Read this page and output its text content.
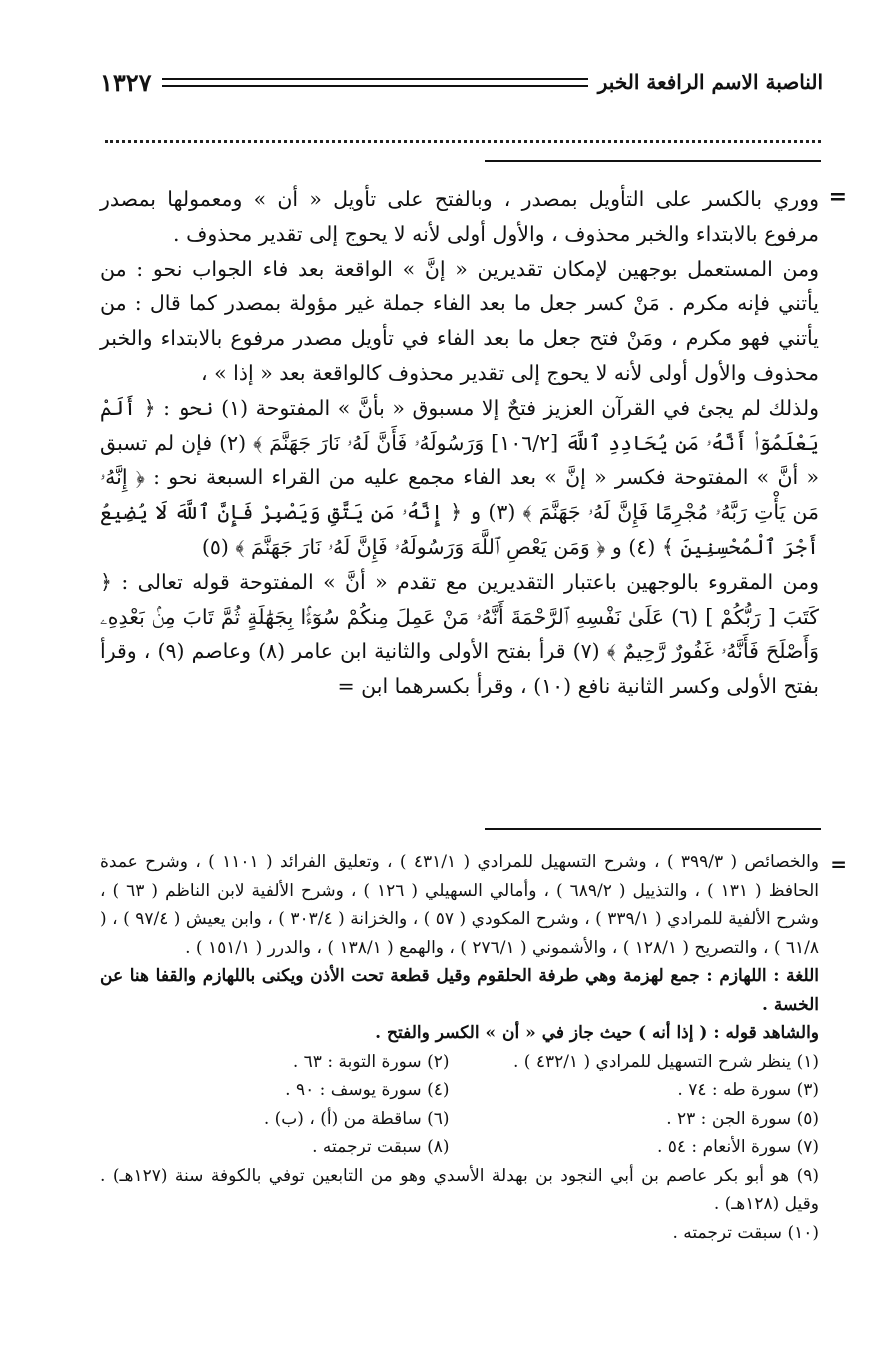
الناصبة الاسم الرافعة الخبر
١٣٢٧
=

ووري بالكسر على التأويل بمصدر ، وبالفتح على تأويل « أن » ومعمولها بمصدر مرفوع بالابتداء والخبر محذوف ، والأول أولى لأنه لا يحوج إلى تقدير محذوف .

ومن المستعمل بوجهين لإمكان تقديرين « إنَّ » الواقعة بعد فاء الجواب نحو : من يأتني فإنه مكرم . مَنْ كسر جعل ما بعد الفاء جملة غير مؤولة بمصدر كما قال : من يأتني فهو مكرم ، ومَنْ فتح جعل ما بعد الفاء في تأويل مصدر مرفوع بالابتداء والخبر محذوف والأول أولى لأنه لا يحوج إلى تقدير محذوف كالواقعة بعد « إذا » ،

ولذلك لم يجئ في القرآن العزيز فتحٌ إلا مسبوق « بأنَّ » المفتوحة (١) نحو : ﴿ أَلَمْ يَعْلَمُوٓا۟ أَنَّهُۥ مَن يُحَادِدِ ٱللَّهَ [١٠٦/٢] وَرَسُولَهُۥ فَأَنَّ لَهُۥ نَارَ جَهَنَّمَ ﴾ (٢) فإن لم تسبق « أنَّ » المفتوحة فكسر « إنَّ » بعد الفاء مجمع عليه من القراء السبعة نحو : ﴿ إِنَّهُۥ مَن يَأْتِ رَبَّهُۥ مُجْرِمًا فَإِنَّ لَهُۥ جَهَنَّمَ ﴾ (٣) و ﴿ إِنَّهُۥ مَن يَتَّقِ وَيَصْبِرْ فَإِنَّ ٱللَّهَ لَا يُضِيعُ أَجْرَ ٱلْمُحْسِنِينَ ﴾ (٤) و ﴿ وَمَن يَعْصِ ٱللَّهَ وَرَسُولَهُۥ فَإِنَّ لَهُۥ نَارَ جَهَنَّمَ ﴾ (٥)

ومن المقروء بالوجهين باعتبار التقديرين مع تقدم « أنَّ » المفتوحة قوله تعالى : ﴿ كَتَبَ [ رَبُّكُمْ ] (٦) عَلَىٰ نَفْسِهِ ٱلرَّحْمَةَ أَنَّهُۥ مَنْ عَمِلَ مِنكُمْ سُوٓءًۢا بِجَهَٰلَةٍ ثُمَّ تَابَ مِنۢ بَعْدِهِۦ وَأَصْلَحَ فَأَنَّهُۥ غَفُورٌ رَّحِيمٌ ﴾ (٧) قرأ بفتح الأولى والثانية ابن عامر (٨) وعاصم (٩) ، وقرأ بفتح الأولى وكسر الثانية نافع (١٠) ، وقرأ بكسرهما ابن =

=

والخصائص ( ٣٩٩/٣ ) ، وشرح التسهيل للمرادي ( ٤٣١/١ ) ، وتعليق الفرائد ( ١١٠١ ) ، وشرح عمدة الحافظ ( ١٣١ ) ، والتذييل ( ٦٨٩/٢ ) ، وأمالي السهيلي ( ١٢٦ ) ، وشرح الألفية لابن الناظم ( ٦٣ ) ، وشرح الألفية للمرادي ( ٣٣٩/١ ) ، وشرح المكودي ( ٥٧ ) ، والخزانة ( ٣٠٣/٤ ) ، وابن يعيش ( ٩٧/٤ ) ، ( ٦١/٨ ) ، والتصريح ( ١٢٨/١ ) ، والأشموني ( ٢٧٦/١ ) ، والهمع ( ١٣٨/١ ) ، والدرر ( ١٥١/١ ) .

اللغة : اللهازم : جمع لهزمة وهي طرفة الحلقوم وقيل قطعة تحت الأذن ويكنى باللهازم والقفا هنا عن الخسة .

والشاهد قوله : ( إذا أنه ) حيث جاز في « أن » الكسر والفتح .

(١) ينظر شرح التسهيل للمرادي ( ٤٣٢/١ ) .
(٢) سورة التوبة : ٦٣ .
(٣) سورة طه : ٧٤ .
(٤) سورة يوسف : ٩٠ .
(٥) سورة الجن : ٢٣ .
(٦) ساقطة من (أ) ، (ب) .
(٧) سورة الأنعام : ٥٤ .
(٨) سبقت ترجمته .

(٩) هو أبو بكر عاصم بن أبي النجود بن بهدلة الأسدي وهو من التابعين توفي بالكوفة سنة (١٢٧هـ) . وقيل (١٢٨هـ) .

(١٠) سبقت ترجمته .
